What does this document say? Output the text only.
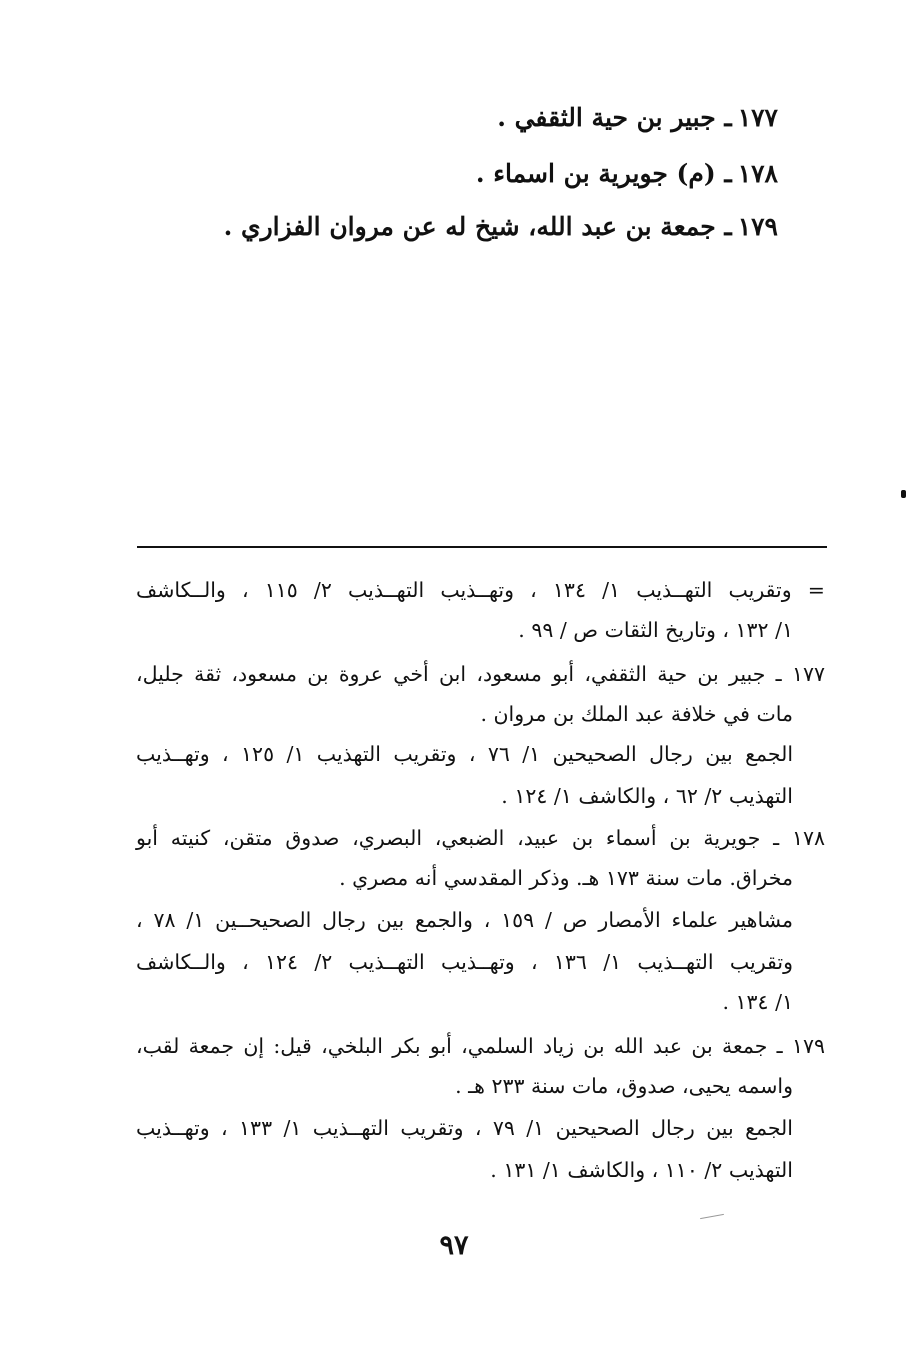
١٧٧ـ جبير بن حية الثقفي .
١٧٨ـ (م) جويرية بن اسماء .
١٧٩ـ جمعة بن عبد الله، شيخ له عن مروان الفزاري .
= وتقريب التهــذيب ١/ ١٣٤ ، وتهــذيب التهــذيب ٢/ ١١٥ ، والــكاشف
١/ ١٣٢ ، وتاريخ الثقات ص / ٩٩ .
١٧٧ ـ جبير بن حية الثقفي، أبو مسعود، ابن أخي عروة بن مسعود، ثقة جليل،
مات في خلافة عبد الملك بن مروان .
الجمع بين رجال الصحيحين ١/ ٧٦ ، وتقريب التهذيب ١/ ١٢٥ ، وتهــذيب
التهذيب ٢/ ٦٢ ، والكاشف ١/ ١٢٤ .
١٧٨ ـ جويرية بن أسماء بن عبيد، الضبعي، البصري، صدوق متقن، كنيته أبو
مخراق. مات سنة ١٧٣ هـ. وذكر المقدسي أنه مصري .
مشاهير علماء الأمصار ص / ١٥٩ ، والجمع بين رجال الصحيحــين ١/ ٧٨ ،
وتقريب التهــذيب ١/ ١٣٦ ، وتهــذيب التهــذيب ٢/ ١٢٤ ، والــكاشف
١/ ١٣٤ .
١٧٩ ـ جمعة بن عبد الله بن زياد السلمي، أبو بكر البلخي، قيل: إن جمعة لقب،
واسمه يحيى، صدوق، مات سنة ٢٣٣ هـ .
الجمع بين رجال الصحيحين ١/ ٧٩ ، وتقريب التهــذيب ١/ ١٣٣ ، وتهــذيب
التهذيب ٢/ ١١٠ ، والكاشف ١/ ١٣١ .
٩٧
